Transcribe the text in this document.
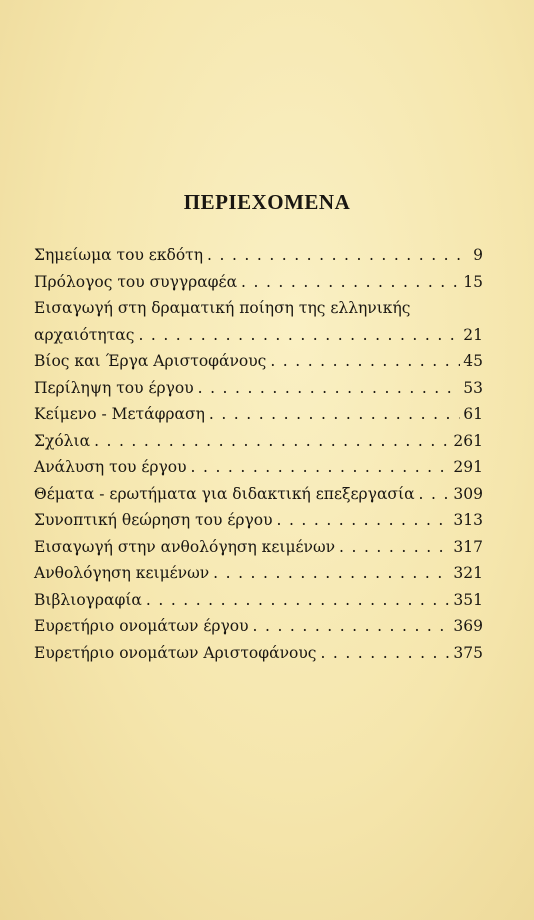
ΠΕΡΙΕΧΟΜΕΝΑ
Σημείωμα του εκδότη . . .	9
Πρόλογος του συγγραφέα . . .	15
Εισαγωγή στη δραματική ποίηση της ελληνικής
αρχαιότητας . . .	21
Βίος και Έργα Αριστοφάνους . . .	45
Περίληψη του έργου . . .	53
Κείμενο - Μετάφραση . . .	61
Σχόλια . . .	261
Ανάλυση του έργου . . .	291
Θέματα - ερωτήματα για διδακτική επεξεργασία . . .	309
Συνοπτική θεώρηση του έργου . . .	313
Εισαγωγή στην ανθολόγηση κειμένων . . .	317
Ανθολόγηση κειμένων . . .	321
Βιβλιογραφία . . .	351
Ευρετήριο ονομάτων έργου . . .	369
Ευρετήριο ονομάτων Αριστοφάνους . . .	375
